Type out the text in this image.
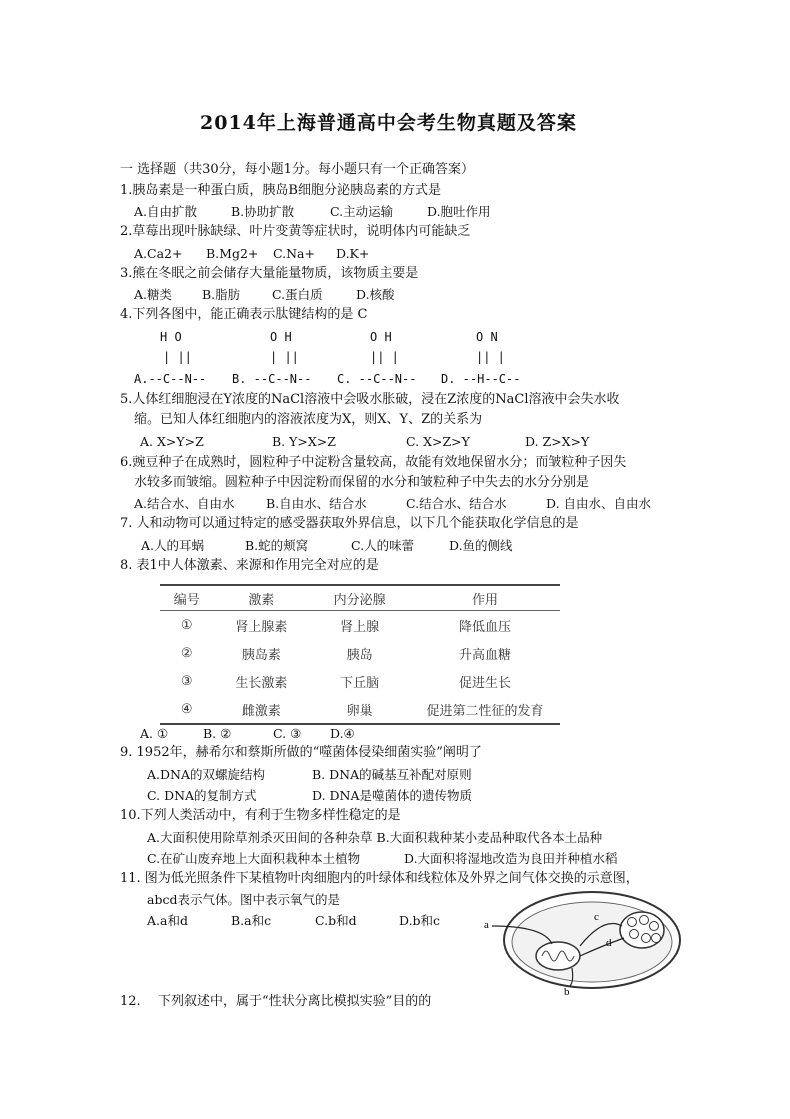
2014年上海普通高中会考生物真题及答案
一 选择题（共30分，每小题1分。每小题只有一个正确答案）
1.胰岛素是一种蛋白质，胰岛B细胞分泌胰岛素的方式是
A.自由扩散	B.协助扩散	C.主动运输	D.胞吐作用
2.草莓出现叶脉缺绿、叶片变黄等症状时，说明体内可能缺乏
A.Ca2+ B.Mg2+ C.Na+ D.K+
3.熊在冬眠之前会储存大量能量物质，该物质主要是
A.糖类 B.脂肪	C.蛋白质	D.核酸
4.下列各图中，能正确表示肽键结构的是 C
H O	O H	O H	O N
| ||	| ||	|| |	|| |
A.--C--N-- B. --C--N-- C. --C--N-- D. --H--C--
5.人体红细胞浸在Y浓度的NaCl溶液中会吸水胀破，浸在Z浓度的NaCl溶液中会失水收
缩。已知人体红细胞内的溶液浓度为X，则X、Y、Z的关系为
A. X>Y>Z	B. Y>X>Z	C. X>Z>Y	D. Z>X>Y
6.豌豆种子在成熟时，圆粒种子中淀粉含量较高，故能有效地保留水分；而皱粒种子因失
水较多而皱缩。圆粒种子中因淀粉而保留的水分和皱粒种子中失去的水分分别是
A.结合水、自由水	B.自由水、结合水	C.结合水、结合水	D. 自由水、自由水
7. 人和动物可以通过特定的感受器获取外界信息，以下几个能获取化学信息的是
A.人的耳蜗	B.蛇的颊窝	C.人的味蕾	D.鱼的侧线
8. 表1中人体激素、来源和作用完全对应的是
编号	激素	内分泌腺	作用
①	肾上腺素	肾上腺	降低血压
②	胰岛素	胰岛	升高血糖
③	生长激素	下丘脑	促进生长
④	雌激素	卵巢	促进第二性征的发育
A. ①	B. ②	C. ③ D.④
9. 1952年，赫希尔和蔡斯所做的“噬菌体侵染细菌实验”阐明了
A.DNA的双螺旋结构	B. DNA的碱基互补配对原则
C. DNA的复制方式	D. DNA是噬菌体的遗传物质
10.下列人类活动中，有利于生物多样性稳定的是
A.大面积使用除草剂杀灭田间的各种杂草 B.大面积栽种某小麦品种取代各本土品种
C.在矿山废弃地上大面积栽种本土植物	D.大面积将湿地改造为良田并种植水稻
11. 图为低光照条件下某植物叶肉细胞内的叶绿体和线粒体及外界之间气体交换的示意图，
abcd表示气体。图中表示氧气的是
A.a和d	B.a和c	C.b和d	D.b和c	a
b
c
d
12. 下列叙述中，属于“性状分离比模拟实验”目的的
